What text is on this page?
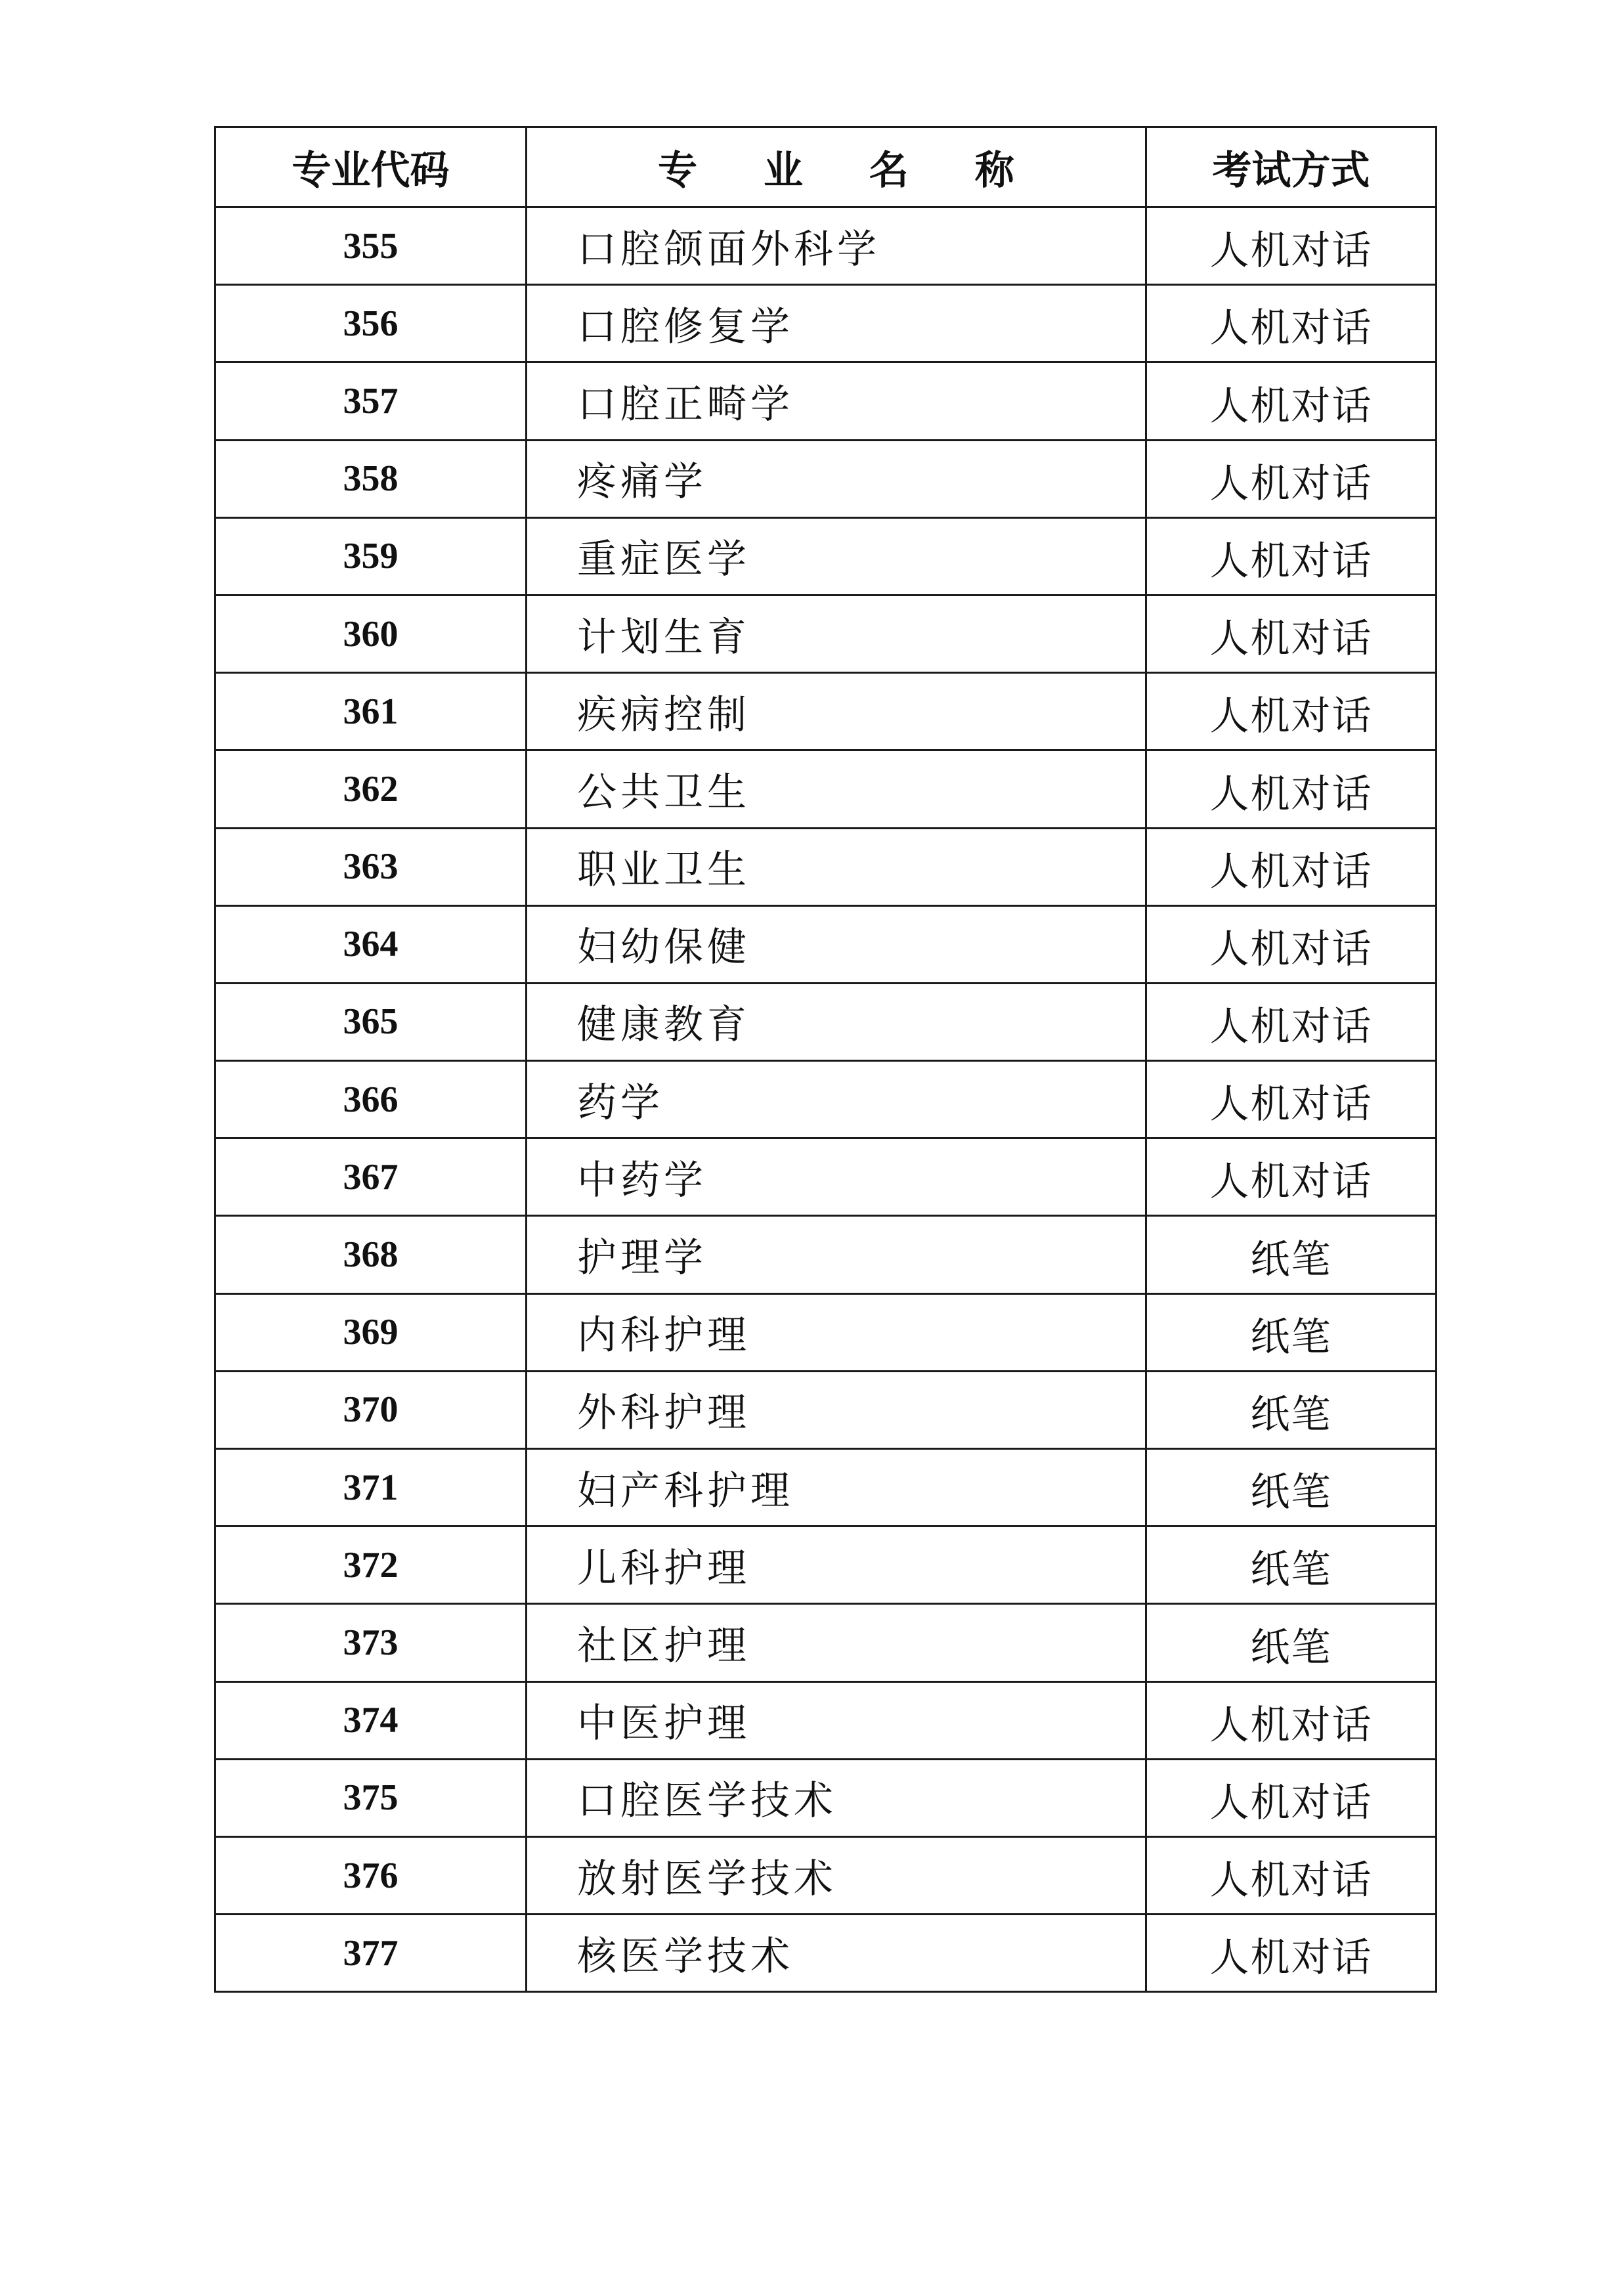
专业代码	专 业 名 称	考试方式
355	口腔颌面外科学	人机对话
356	口腔修复学	人机对话
357	口腔正畸学	人机对话
358	疼痛学	人机对话
359	重症医学	人机对话
360	计划生育	人机对话
361	疾病控制	人机对话
362	公共卫生	人机对话
363	职业卫生	人机对话
364	妇幼保健	人机对话
365	健康教育	人机对话
366	药学	人机对话
367	中药学	人机对话
368	护理学	纸笔
369	内科护理	纸笔
370	外科护理	纸笔
371	妇产科护理	纸笔
372	儿科护理	纸笔
373	社区护理	纸笔
374	中医护理	人机对话
375	口腔医学技术	人机对话
376	放射医学技术	人机对话
377	核医学技术	人机对话
